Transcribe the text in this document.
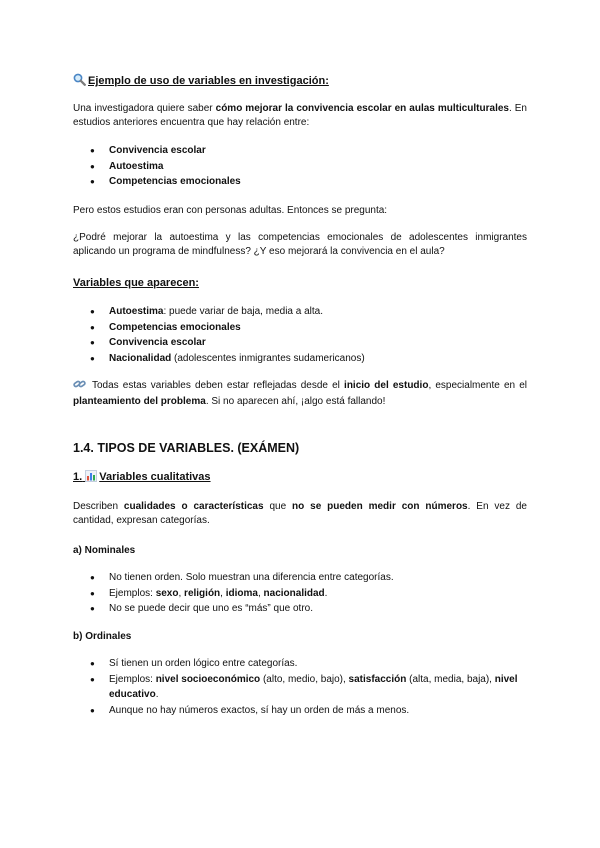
Ejemplo de uso de variables en investigación:

Una investigadora quiere saber cómo mejorar la convivencia escolar en aulas multiculturales. En estudios anteriores encuentra que hay relación entre:

● Convivencia escolar
● Autoestima
● Competencias emocionales

Pero estos estudios eran con personas adultas. Entonces se pregunta:

¿Podré mejorar la autoestima y las competencias emocionales de adolescentes inmigrantes aplicando un programa de mindfulness? ¿Y eso mejorará la convivencia en el aula?

Variables que aparecen:

● Autoestima: puede variar de baja, media a alta.
● Competencias emocionales
● Convivencia escolar
● Nacionalidad (adolescentes inmigrantes sudamericanos)

Todas estas variables deben estar reflejadas desde el inicio del estudio, especialmente en el planteamiento del problema. Si no aparecen ahí, ¡algo está fallando!

1.4. TIPOS DE VARIABLES. (EXÁMEN)

1. Variables cualitativas

Describen cualidades o características que no se pueden medir con números. En vez de cantidad, expresan categorías.

a) Nominales

● No tienen orden. Solo muestran una diferencia entre categorías.
● Ejemplos: sexo, religión, idioma, nacionalidad.
● No se puede decir que uno es “más” que otro.

b) Ordinales

● Sí tienen un orden lógico entre categorías.
● Ejemplos: nivel socioeconómico (alto, medio, bajo), satisfacción (alta, media, baja), nivel educativo.
● Aunque no hay números exactos, sí hay un orden de más a menos.
